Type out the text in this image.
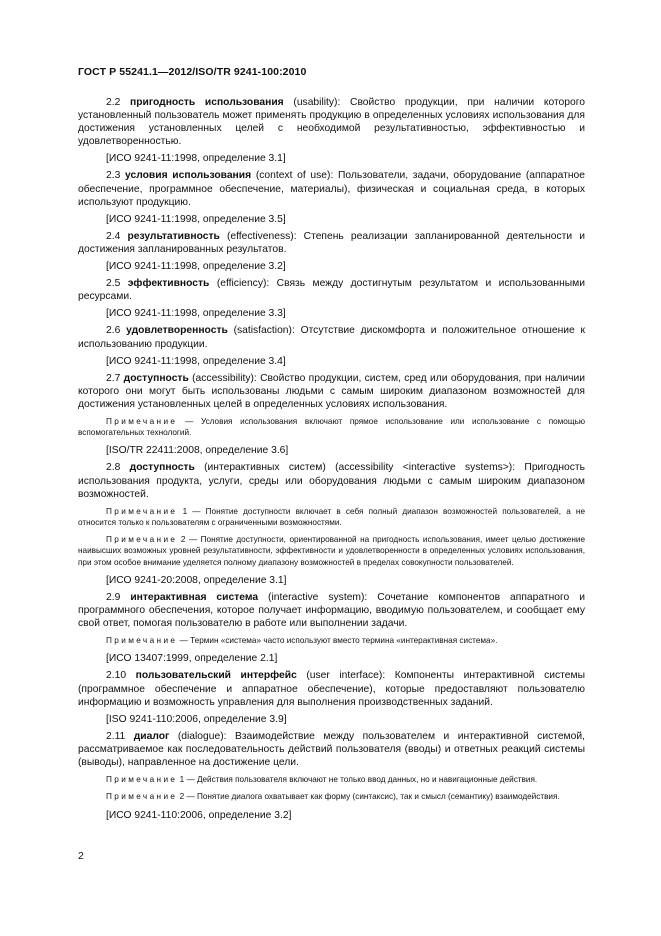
ГОСТ Р 55241.1—2012/ISO/TR 9241-100:2010

2.2 пригодность использования (usability): Свойство продукции, при наличии которого установленный пользователь может применять продукцию в определенных условиях использования для достижения установленных целей с необходимой результативностью, эффективностью и удовлетворенностью.

[ИСО 9241-11:1998, определение 3.1]

2.3 условия использования (context of use): Пользователи, задачи, оборудование (аппаратное обеспечение, программное обеспечение, материалы), физическая и социальная среда, в которых используют продукцию.

[ИСО 9241-11:1998, определение 3.5]

2.4 результативность (effectiveness): Степень реализации запланированной деятельности и достижения запланированных результатов.

[ИСО 9241-11:1998, определение 3.2]

2.5 эффективность (efficiency): Связь между достигнутым результатом и использованными ресурсами.

[ИСО 9241-11:1998, определение 3.3]

2.6 удовлетворенность (satisfaction): Отсутствие дискомфорта и положительное отношение к использованию продукции.

[ИСО 9241-11:1998, определение 3.4]

2.7 доступность (accessibility): Свойство продукции, систем, сред или оборудования, при наличии которого они могут быть использованы людьми с самым широким диапазоном возможностей для достижения установленных целей в определенных условиях использования.

Примечание — Условия использования включают прямое использование или использование с помощью вспомогательных технологий.

[ISO/TR 22411:2008, определение 3.6]

2.8 доступность (интерактивных систем) (accessibility <interactive systems>): Пригодность использования продукта, услуги, среды или оборудования людьми с самым широким диапазоном возможностей.

Примечание 1 — Понятие доступности включает в себя полный диапазон возможностей пользователей, а не относится только к пользователям с ограниченными возможностями.

Примечание 2 — Понятие доступности, ориентированной на пригодность использования, имеет целью достижение наивысших возможных уровней результативности, эффективности и удовлетворенности в определенных условиях использования, при этом особое внимание уделяется полному диапазону возможностей в пределах совокупности пользователей.

[ИСО 9241-20:2008, определение 3.1]

2.9 интерактивная система (interactive system): Сочетание компонентов аппаратного и программного обеспечения, которое получает информацию, вводимую пользователем, и сообщает ему свой ответ, помогая пользователю в работе или выполнении задачи.

Примечание — Термин «система» часто используют вместо термина «интерактивная система».

[ИСО 13407:1999, определение 2.1]

2.10 пользовательский интерфейс (user interface): Компоненты интерактивной системы (программное обеспечение и аппаратное обеспечение), которые предоставляют пользователю информацию и возможность управления для выполнения производственных заданий.

[ISO 9241-110:2006, определение 3.9]

2.11 диалог (dialogue): Взаимодействие между пользователем и интерактивной системой, рассматриваемое как последовательность действий пользователя (вводы) и ответных реакций системы (выводы), направленное на достижение цели.

Примечание 1 — Действия пользователя включают не только ввод данных, но и навигационные действия.

Примечание 2 — Понятие диалога охватывает как форму (синтаксис), так и смысл (семантику) взаимодействия.

[ИСО 9241-110:2006, определение 3.2]

2
